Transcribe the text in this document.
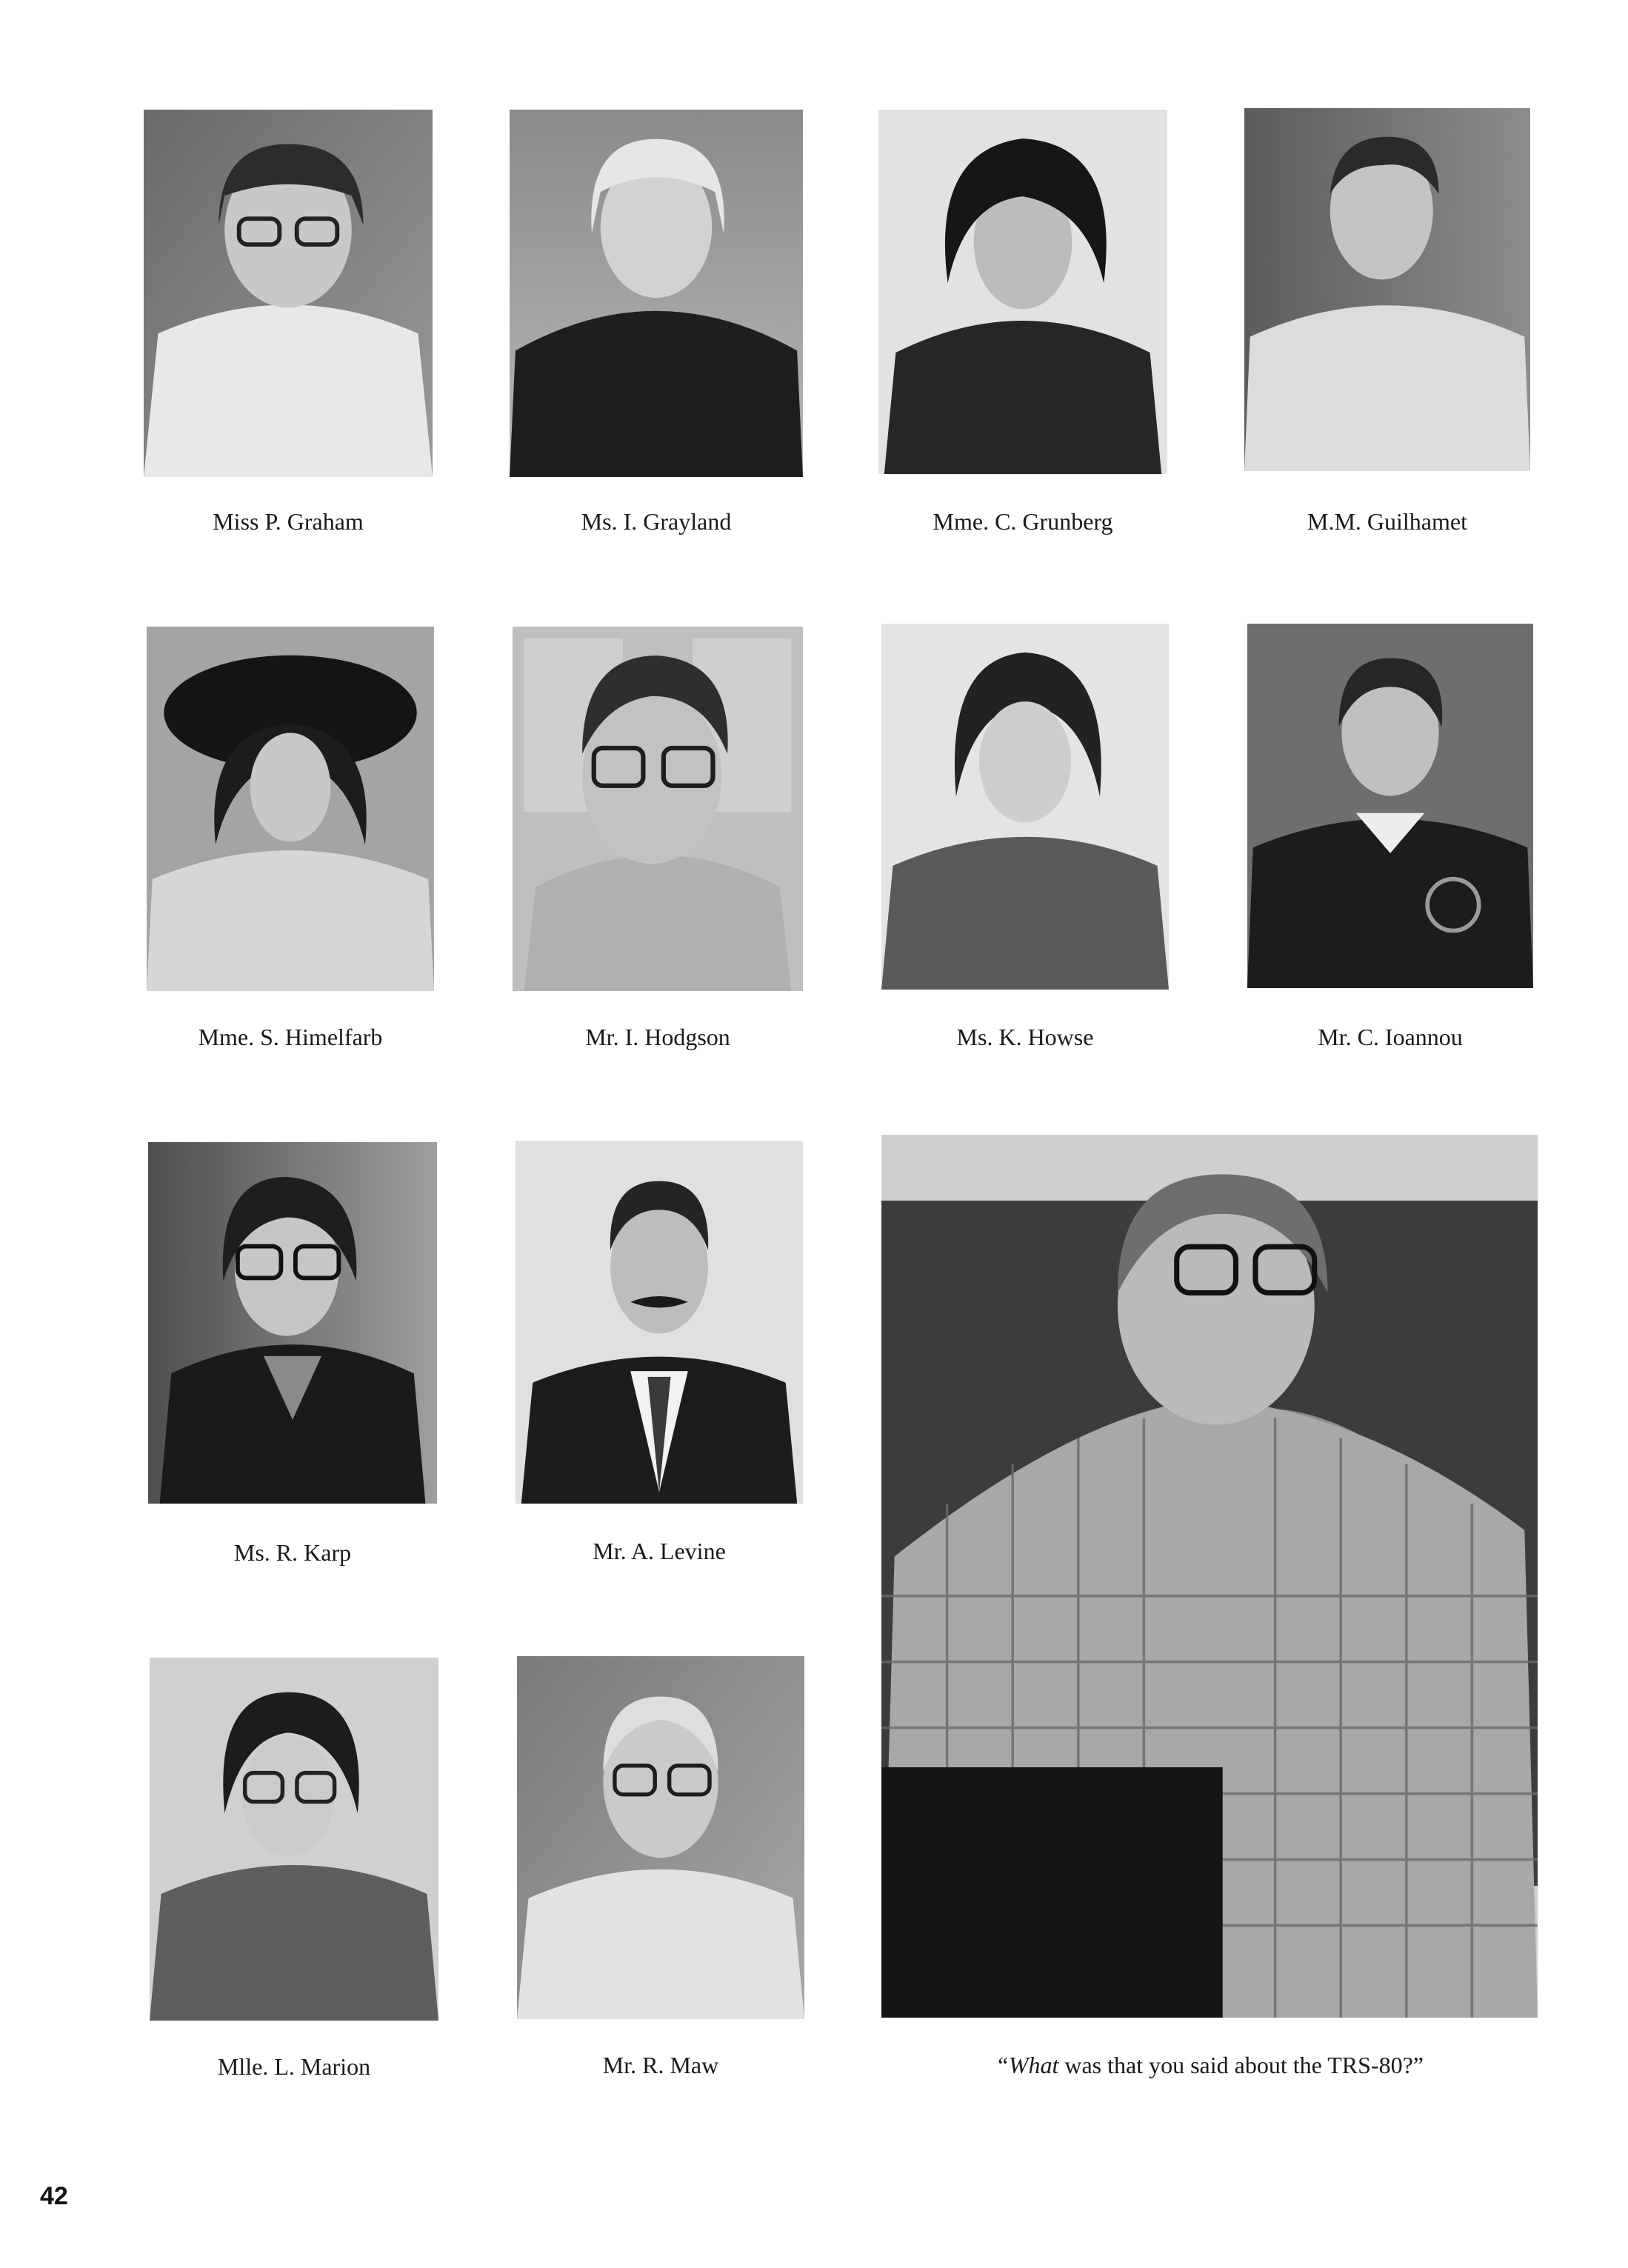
Miss P. Graham	Ms. I. Grayland	Mme. C. Grunberg	M.M. Guilhamet
Mme. S. Himelfarb	Mr. I. Hodgson	Ms. K. Howse	Mr. C. Ioannou
Ms. R. Karp	Mr. A. Levine
Mlle. L. Marion	Mr. R. Maw	“What was that you said about the TRS-80?”
42
